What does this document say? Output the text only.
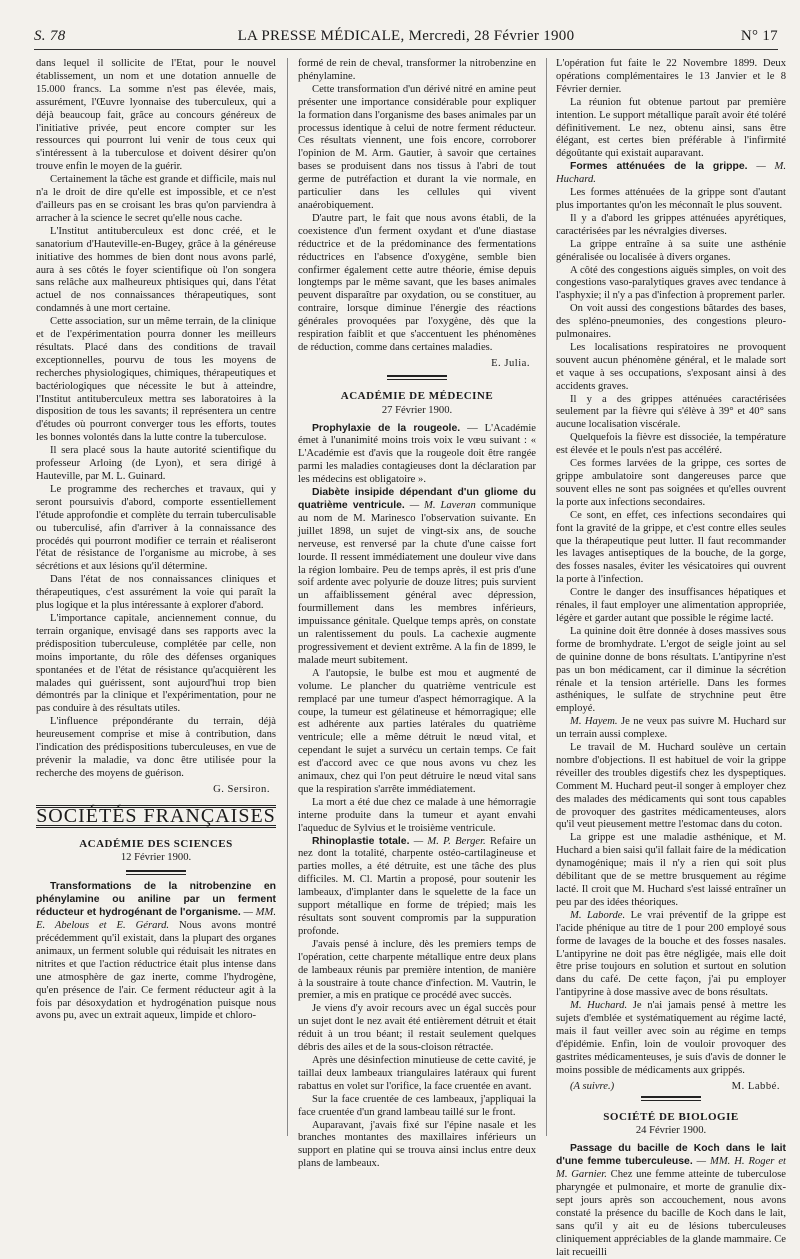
S. 78	LA PRESSE MÉDICALE, Mercredi, 28 Février 1900	N° 17

dans lequel il sollicite de l'Etat, pour le nouvel établissement, un nom et une dotation annuelle de 15.000 francs. La somme n'est pas élevée, mais, assurément, l'Œuvre lyonnaise des tuberculeux, qui a déjà beaucoup fait, grâce au concours généreux de l'initiative privée, peut encore compter sur les ressources qui pourront lui venir de tous ceux qui s'intéressent à la tuberculose et doivent désirer qu'on trouve enfin le moyen de la guérir.

Certainement la tâche est grande et difficile, mais nul n'a le droit de dire qu'elle est impossible, et ce n'est d'ailleurs pas en se croisant les bras qu'on parviendra à arracher à la science le secret qu'elle nous cache.

L'Institut antituberculeux est donc créé, et le sanatorium d'Hauteville-en-Bugey, grâce à la généreuse initiative des hommes de bien dont nous avons parlé, aura à ses côtés le foyer scientifique où l'on songera sans relâche aux malheureux phtisiques qui, dans l'état actuel de nos connaissances thérapeutiques, sont condamnés à une mort certaine.

Cette association, sur un même terrain, de la clinique et de l'expérimentation pourra donner les meilleurs résultats. Placé dans des conditions de travail exceptionnelles, pourvu de tous les moyens de recherches physiologiques, chimiques, thérapeutiques et bactériologiques que nécessite le but à atteindre, l'Institut antituberculeux mettra ses laboratoires à la disposition de tous les savants; il représentera un centre d'études où pourront converger tous les efforts, toutes les bonnes volontés dans la lutte contre la tuberculose.

Il sera placé sous la haute autorité scientifique du professeur Arloing (de Lyon), et sera dirigé à Hauteville, par M. L. Guinard.

Le programme des recherches et travaux, qui y seront poursuivis d'abord, comporte essentiellement l'étude approfondie et complète du terrain tuberculisable ou tuberculisé, afin d'arriver à la connaissance des procédés qui pourront modifier ce terrain et réaliseront l'état de résistance de l'organisme au microbe, à ses sécrétions et aux lésions qu'il détermine.

Dans l'état de nos connaissances cliniques et thérapeutiques, c'est assurément la voie qui paraît la plus logique et la plus intéressante à explorer d'abord.

L'importance capitale, anciennement connue, du terrain organique, envisagé dans ses rapports avec la prédisposition tuberculeuse, complétée par celle, non moins importante, du rôle des défenses organiques spontanées et de l'état de résistance qu'acquièrent les malades qui guérissent, sont aujourd'hui trop bien démontrés par la clinique et l'expérimentation, pour ne pas conduire à des résultats utiles.

L'influence prépondérante du terrain, déjà heureusement comprise et mise à contribution, dans l'indication des prédispositions tuberculeuses, en vue de prévenir la maladie, va donc être utilisée pour la recherche des moyens de guérison.

G. Sersiron.
SOCIÉTÉS FRANÇAISES
ACADÉMIE DES SCIENCES
12 Février 1900.

Transformations de la nitrobenzine en phénylamine ou aniline par un ferment réducteur et hydrogénant de l'organisme. — MM. E. Abelous et E. Gérard. Nous avons montré précédemment qu'il existait, dans la plupart des organes animaux, un ferment soluble qui réduisait les nitrates en nitrites et que l'action réductrice était plus intense dans une atmosphère de gaz inerte, comme l'hydrogène, qu'en présence de l'air. Ce ferment réducteur agit à la fois par désoxydation et hydrogénation puisque nous avons pu, avec un extrait aqueux, limpide et chloro-

formé de rein de cheval, transformer la nitrobenzine en phénylamine.

Cette transformation d'un dérivé nitré en amine peut présenter une importance considérable pour expliquer la formation dans l'organisme des bases animales par un processus identique à celui de notre ferment réducteur. Ces résultats viennent, une fois encore, corroborer l'opinion de M. Arm. Gautier, à savoir que certaines bases se produisent dans nos tissus à l'abri de tout germe de putréfaction et durant la vie normale, en particulier dans les cellules qui vivent anaérobiquement.

D'autre part, le fait que nous avons établi, de la coexistence d'un ferment oxydant et d'une diastase réductrice et de la prédominance des fermentations réductrices en l'absence d'oxygène, semble bien confirmer également cette autre théorie, émise depuis longtemps par le même savant, que les bases animales peuvent disparaître par oxydation, ou se constituer, au contraire, lorsque diminue l'énergie des réactions générales provoquées par l'oxygène, dès que la respiration faiblit et que s'accentuent les phénomènes de réduction, comme dans certaines maladies.

E. Julia.
ACADÉMIE DE MÉDECINE
27 Février 1900.

Prophylaxie de la rougeole. — L'Académie émet à l'unanimité moins trois voix le vœu suivant : « L'Académie est d'avis que la rougeole doit être rangée parmi les maladies contagieuses dont la déclaration par les médecins est obligatoire ».

Diabète insipide dépendant d'un gliome du quatrième ventricule. — M. Laveran communique au nom de M. Marinesco l'observation suivante. En juillet 1898, un sujet de vingt-six ans, de souche nerveuse, est renversé par la chute d'une caisse fort lourde. Il ressent immédiatement une douleur vive dans la région lombaire. Peu de temps après, il est pris d'une soif ardente avec polyurie de douze litres; puis survient un affaiblissement général avec dépression, fourmillement dans les membres inférieurs, impuissance génitale. Quelque temps après, on constate un ralentissement du pouls. La cachexie augmente progressivement et devient extrême. A la fin de 1899, le malade meurt subitement.

A l'autopsie, le bulbe est mou et augmenté de volume. Le plancher du quatrième ventricule est remplacé par une tumeur d'aspect hémorragique. A la coupe, la tumeur est gélatineuse et hémorragique; elle est adhérente aux parties latérales du quatrième ventricule; elle a même détruit le nœud vital, et cependant le sujet a survécu un certain temps. Ce fait est d'accord avec ce que nous avons vu chez les animaux, chez qui l'on peut détruire le nœud vital sans que la respiration s'arrête immédiatement.

La mort a été due chez ce malade à une hémorragie interne produite dans la tumeur et ayant envahi l'aqueduc de Sylvius et le troisième ventricule.

Rhinoplastie totale. — M. P. Berger. Refaire un nez dont la totalité, charpente ostéo-cartilagineuse et parties molles, a été détruite, est une tâche des plus difficiles. M. Cl. Martin a proposé, pour soutenir les lambeaux, d'implanter dans le squelette de la face un support métallique en forme de trépied; mais les résultats sont souvent compromis par la suppuration profonde.

J'avais pensé à inclure, dès les premiers temps de l'opération, cette charpente métallique entre deux plans de lambeaux réunis par première intention, de manière à la soustraire à toute chance d'infection. M. Vautrin, le premier, a mis en pratique ce procédé avec succès.

Je viens d'y avoir recours avec un égal succès pour un sujet dont le nez avait été entièrement détruit et était réduit à un trou béant; il restait seulement quelques débris des ailes et de la sous-cloison rétractée.

Après une désinfection minutieuse de cette cavité, je taillai deux lambeaux triangulaires latéraux qui furent rabattus en volet sur l'orifice, la face cruentée en avant.

Sur la face cruentée de ces lambeaux, j'appliquai la face cruentée d'un grand lambeau taillé sur le front.

Auparavant, j'avais fixé sur l'épine nasale et les branches montantes des maxillaires inférieurs un support en platine qui se trouva ainsi inclus entre deux plans de lambeaux.

L'opération fut faite le 22 Novembre 1899. Deux opérations complémentaires le 13 Janvier et le 8 Février dernier.

La réunion fut obtenue partout par première intention. Le support métallique paraît avoir été toléré définitivement. Le nez, obtenu ainsi, sans être élégant, est certes bien préférable à l'infirmité dégoûtante qui existait auparavant.

Formes atténuées de la grippe. — M. Huchard.

Les formes atténuées de la grippe sont d'autant plus importantes qu'on les méconnaît le plus souvent.

Il y a d'abord les grippes atténuées apyrétiques, caractérisées par les névralgies diverses.

La grippe entraîne à sa suite une asthénie généralisée ou localisée à divers organes.

A côté des congestions aiguës simples, on voit des congestions vaso-paralytiques graves avec tendance à l'asphyxie; il n'y a pas d'infection à proprement parler.

On voit aussi des congestions bâtardes des bases, des spléno-pneumonies, des congestions pleuro-pulmonaires.

Les localisations respiratoires ne provoquent souvent aucun phénomène général, et le malade sort et vaque à ses occupations, s'exposant ainsi à des accidents graves.

Il y a des grippes atténuées caractérisées seulement par la fièvre qui s'élève à 39° et 40° sans aucune localisation viscérale.

Quelquefois la fièvre est dissociée, la température est élevée et le pouls n'est pas accéléré.

Ces formes larvées de la grippe, ces sortes de grippe ambulatoire sont dangereuses parce que souvent elles ne sont pas soignées et qu'elles ouvrent la porte aux infections secondaires.

Ce sont, en effet, ces infections secondaires qui font la gravité de la grippe, et c'est contre elles seules que la thérapeutique peut lutter. Il faut recommander les lavages antiseptiques de la bouche, de la gorge, des fosses nasales, éviter les vésicatoires qui ouvrent la porte à l'infection.

Contre le danger des insuffisances hépatiques et rénales, il faut employer une alimentation appropriée, légère et garder autant que possible le régime lacté.

La quinine doit être donnée à doses massives sous forme de bromhydrate. L'ergot de seigle joint au sel de quinine donne de bons résultats. L'antipyrine n'est pas un bon médicament, car il diminue la sécrétion rénale et la tension artérielle. Dans les formes asthéniques, le sulfate de strychnine peut être employé.

M. Hayem. Je ne veux pas suivre M. Huchard sur un terrain aussi complexe.

Le travail de M. Huchard soulève un certain nombre d'objections. Il est habituel de voir la grippe réveiller des troubles digestifs chez les dyspeptiques. Comment M. Huchard peut-il songer à employer chez des malades des médicaments qui sont tous capables de provoquer des gastrites médicamenteuses, alors qu'il veut pieusement mettre l'estomac dans du coton.

La grippe est une maladie asthénique, et M. Huchard a bien saisi qu'il fallait faire de la médication dynamogénique; mais il n'y a rien qui soit plus débilitant que de se mettre brusquement au régime lacté. Il croit que M. Huchard s'est laissé entraîner un peu par des idées théoriques.

M. Laborde. Le vrai préventif de la grippe est l'acide phénique au titre de 1 pour 200 employé sous forme de lavages de la bouche et des fosses nasales. L'antipyrine ne doit pas être négligée, mais elle doit être prise toujours en solution et surtout en solution dans du café. De cette façon, j'ai pu employer l'antipyrine à dose massive avec de bons résultats.

M. Huchard. Je n'ai jamais pensé à mettre les sujets d'emblée et systématiquement au régime lacté, mais il faut veiller avec soin au régime en temps d'épidémie. Enfin, loin de vouloir provoquer des gastrites médicamenteuses, je suis d'avis de donner le moins possible de médicaments aux grippés.

(A suivre.)	M. Labbé.
SOCIÉTÉ DE BIOLOGIE
24 Février 1900.

Passage du bacille de Koch dans le lait d'une femme tuberculeuse. — MM. H. Roger et M. Garnier. Chez une femme atteinte de tuberculose pharyngée et pulmonaire, et morte de granulie dix-sept jours après son accouchement, nous avons constaté la présence du bacille de Koch dans le lait, sans qu'il y ait eu de lésions tuberculeuses cliniquement appréciables de la glande mammaire. Ce lait recueilli
